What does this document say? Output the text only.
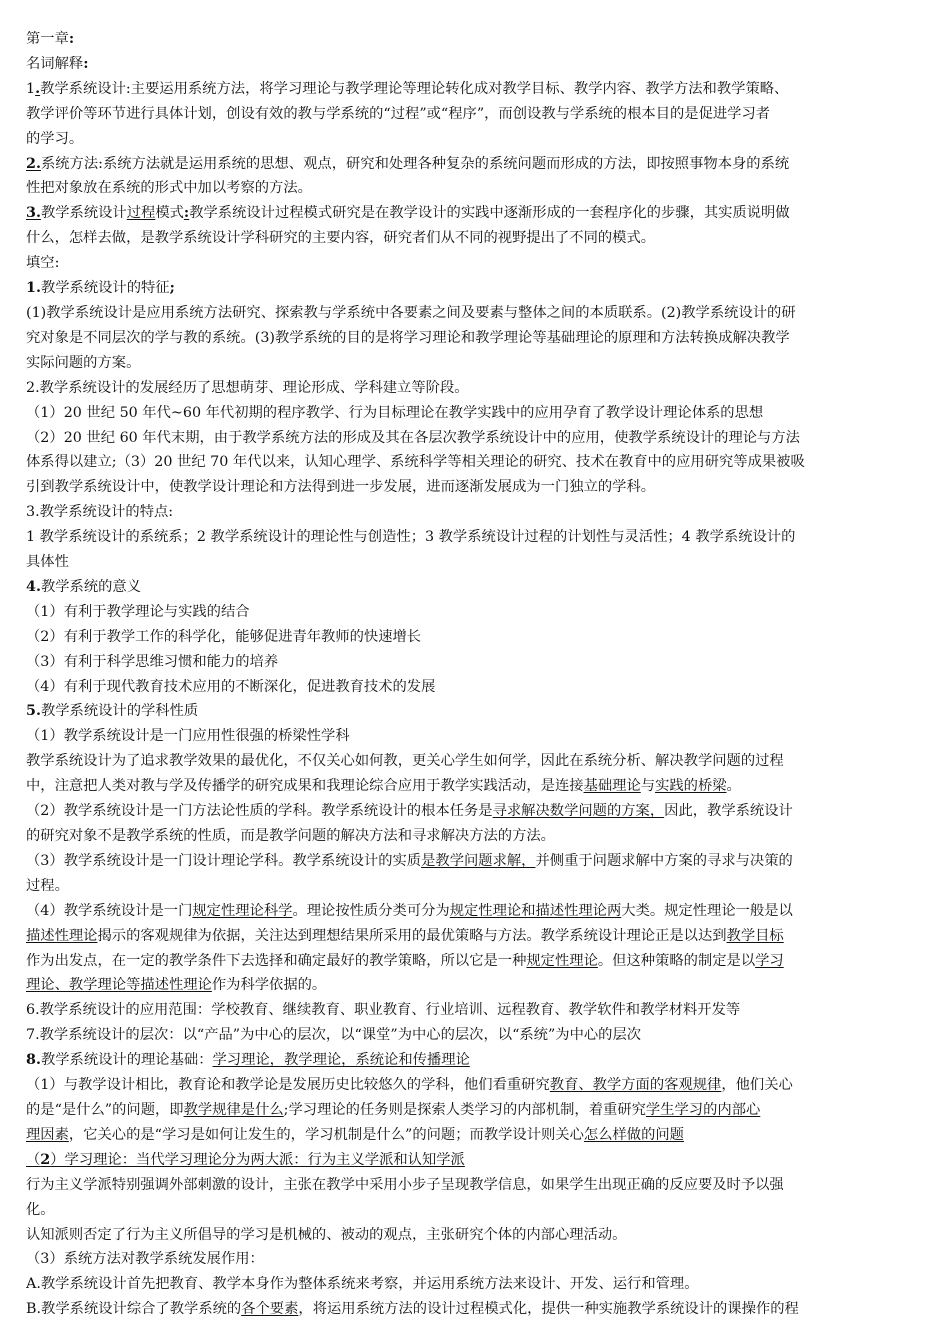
第一章:
名词解释:
1.教学系统设计:主要运用系统方法，将学习理论与教学理论等理论转化成对教学目标、教学内容、教学方法和教学策略、
教学评价等环节进行具体计划，创设有效的教与学系统的“过程”或“程序”，而创设教与学系统的根本目的是促进学习者
的学习。
2.系统方法:系统方法就是运用系统的思想、观点，研究和处理各种复杂的系统问题而形成的方法，即按照事物本身的系统
性把对象放在系统的形式中加以考察的方法。
3.教学系统设计过程模式:教学系统设计过程模式研究是在教学设计的实践中逐渐形成的一套程序化的步骤，其实质说明做
什么，怎样去做，是教学系统设计学科研究的主要内容，研究者们从不同的视野提出了不同的模式。
填空:
1.教学系统设计的特征;
(1)教学系统设计是应用系统方法研究、探索教与学系统中各要素之间及要素与整体之间的本质联系。(2)教学系统设计的研
究对象是不同层次的学与教的系统。(3)教学系统的目的是将学习理论和教学理论等基础理论的原理和方法转换成解决教学
实际问题的方案。
2.教学系统设计的发展经历了思想萌芽、理论形成、学科建立等阶段。
（1）20 世纪 50 年代~60 年代初期的程序教学、行为目标理论在教学实践中的应用孕育了教学设计理论体系的思想
（2）20 世纪 60 年代末期，由于教学系统方法的形成及其在各层次教学系统设计中的应用，使教学系统设计的理论与方法
体系得以建立;（3）20 世纪 70 年代以来，认知心理学、系统科学等相关理论的研究、技术在教育中的应用研究等成果被吸
引到教学系统设计中，使教学设计理论和方法得到进一步发展，进而逐渐发展成为一门独立的学科。
3.教学系统设计的特点:
1 教学系统设计的系统系；2 教学系统设计的理论性与创造性；3 教学系统设计过程的计划性与灵活性；4 教学系统设计的
具体性
4.教学系统的意义
（1）有利于教学理论与实践的结合
（2）有利于教学工作的科学化，能够促进青年教师的快速增长
（3）有利于科学思维习惯和能力的培养
（4）有利于现代教育技术应用的不断深化，促进教育技术的发展
5.教学系统设计的学科性质
（1）教学系统设计是一门应用性很强的桥梁性学科
教学系统设计为了追求教学效果的最优化，不仅关心如何教，更关心学生如何学，因此在系统分析、解决教学问题的过程
中，注意把人类对教与学及传播学的研究成果和我理论综合应用于教学实践活动，是连接基础理论与实践的桥梁。
（2）教学系统设计是一门方法论性质的学科。教学系统设计的根本任务是寻求解决数学问题的方案，因此，教学系统设计
的研究对象不是教学系统的性质，而是教学问题的解决方法和寻求解决方法的方法。
（3）教学系统设计是一门设计理论学科。教学系统设计的实质是教学问题求解，并侧重于问题求解中方案的寻求与决策的
过程。
（4）教学系统设计是一门规定性理论科学。理论按性质分类可分为规定性理论和描述性理论两大类。规定性理论一般是以
描述性理论揭示的客观规律为依据，关注达到理想结果所采用的最优策略与方法。教学系统设计理论正是以达到教学目标
作为出发点，在一定的教学条件下去选择和确定最好的教学策略，所以它是一种规定性理论。但这种策略的制定是以学习
理论、教学理论等描述性理论作为科学依据的。
6.教学系统设计的应用范围：学校教育、继续教育、职业教育、行业培训、远程教育、教学软件和教学材料开发等
7.教学系统设计的层次：以“产品”为中心的层次，以“课堂”为中心的层次，以“系统”为中心的层次
8.教学系统设计的理论基础：学习理论，教学理论，系统论和传播理论
（1）与教学设计相比，教育论和教学论是发展历史比较悠久的学科，他们看重研究教育、教学方面的客观规律，他们关心
的是“是什么”的问题，即教学规律是什么;学习理论的任务则是探索人类学习的内部机制，着重研究学生学习的内部心
理因素，它关心的是“学习是如何让发生的，学习机制是什么”的问题；而教学设计则关心怎么样做的问题
（2）学习理论：当代学习理论分为两大派：行为主义学派和认知学派
行为主义学派特别强调外部刺激的设计，主张在教学中采用小步子呈现教学信息，如果学生出现正确的反应要及时予以强
化。
认知派则否定了行为主义所倡导的学习是机械的、被动的观点，主张研究个体的内部心理活动。
（3）系统方法对教学系统发展作用：
A.教学系统设计首先把教育、教学本身作为整体系统来考察，并运用系统方法来设计、开发、运行和管理。
B.教学系统设计综合了教学系统的各个要素，将运用系统方法的设计过程模式化，提供一种实施教学系统设计的课操作的程
